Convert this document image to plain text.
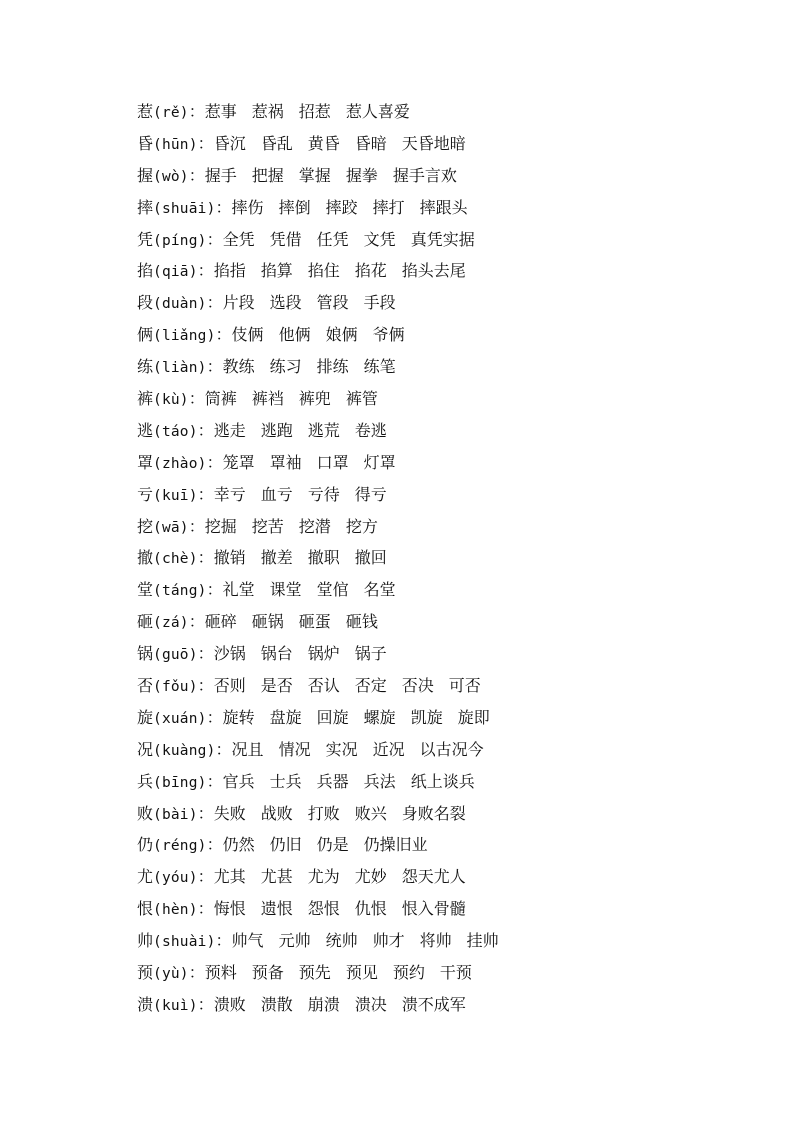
惹(rě)：惹事 惹祸 招惹 惹人喜爱
昏(hūn)：昏沉 昏乱 黄昏 昏暗 天昏地暗
握(wò)：握手 把握 掌握 握拳 握手言欢
摔(shuāi)：摔伤 摔倒 摔跤 摔打 摔跟头
凭(píng)：全凭 凭借 任凭 文凭 真凭实据
掐(qiā)：掐指 掐算 掐住 掐花 掐头去尾
段(duàn)：片段 选段 管段 手段
俩(liǎng)：伎俩 他俩 娘俩 爷俩
练(liàn)：教练 练习 排练 练笔
裤(kù)：筒裤 裤裆 裤兜 裤管
逃(táo)：逃走 逃跑 逃荒 卷逃
罩(zhào)：笼罩 罩袖 口罩 灯罩
亏(kuī)：幸亏 血亏 亏待 得亏
挖(wā)：挖掘 挖苦 挖潜 挖方
撤(chè)：撤销 撤差 撤职 撤回
堂(táng)：礼堂 课堂 堂倌 名堂
砸(zá)：砸碎 砸锅 砸蛋 砸钱
锅(guō)：沙锅 锅台 锅炉 锅子
否(fǒu)：否则 是否 否认 否定 否决 可否
旋(xuán)：旋转 盘旋 回旋 螺旋 凯旋 旋即
况(kuàng)：况且 情况 实况 近况 以古况今
兵(bīng)：官兵 士兵 兵器 兵法 纸上谈兵
败(bài)：失败 战败 打败 败兴 身败名裂
仍(réng)：仍然 仍旧 仍是 仍操旧业
尤(yóu)：尤其 尤甚 尤为 尤妙 怨天尤人
恨(hèn)：悔恨 遗恨 怨恨 仇恨 恨入骨髓
帅(shuài)：帅气 元帅 统帅 帅才 将帅 挂帅
预(yù)：预料 预备 预先 预见 预约 干预
溃(kuì)：溃败 溃散 崩溃 溃决 溃不成军
